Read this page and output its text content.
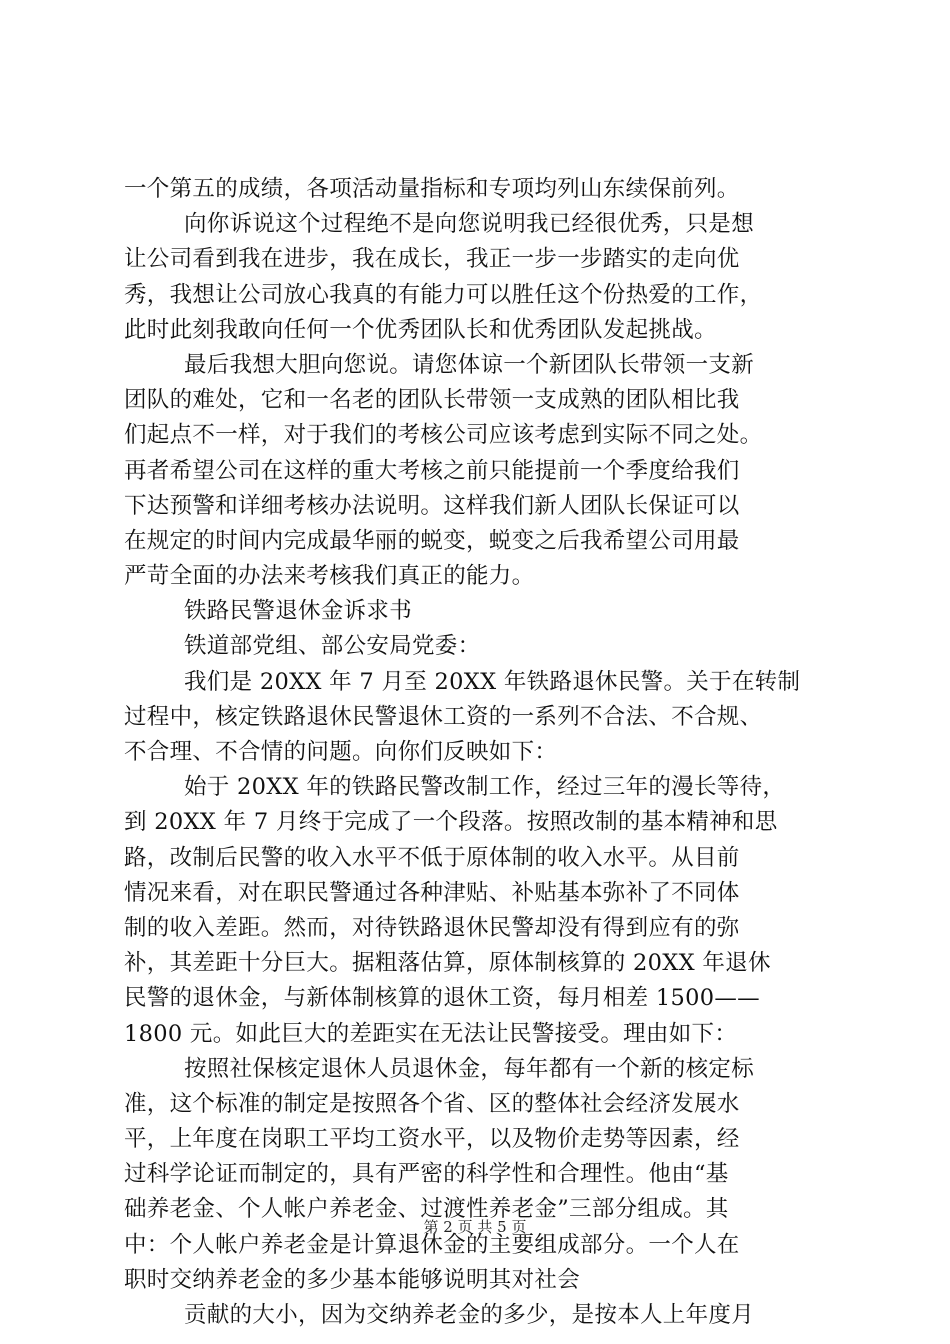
一个第五的成绩，各项活动量指标和专项均列山东续保前列。
向你诉说这个过程绝不是向您说明我已经很优秀，只是想
让公司看到我在进步，我在成长，我正一步一步踏实的走向优
秀，我想让公司放心我真的有能力可以胜任这个份热爱的工作，
此时此刻我敢向任何一个优秀团队长和优秀团队发起挑战。
最后我想大胆向您说。请您体谅一个新团队长带领一支新
团队的难处，它和一名老的团队长带领一支成熟的团队相比我
们起点不一样，对于我们的考核公司应该考虑到实际不同之处。
再者希望公司在这样的重大考核之前只能提前一个季度给我们
下达预警和详细考核办法说明。这样我们新人团队长保证可以
在规定的时间内完成最华丽的蜕变，蜕变之后我希望公司用最
严苛全面的办法来考核我们真正的能力。
铁路民警退休金诉求书
铁道部党组、部公安局党委：
我们是 20XX 年 7 月至 20XX 年铁路退休民警。关于在转制
过程中，核定铁路退休民警退休工资的一系列不合法、不合规、
不合理、不合情的问题。向你们反映如下：
始于 20XX 年的铁路民警改制工作，经过三年的漫长等待，
到 20XX 年 7 月终于完成了一个段落。按照改制的基本精神和思
路，改制后民警的收入水平不低于原体制的收入水平。从目前
情况来看，对在职民警通过各种津贴、补贴基本弥补了不同体
制的收入差距。然而，对待铁路退休民警却没有得到应有的弥
补，其差距十分巨大。据粗落估算，原体制核算的 20XX 年退休
民警的退休金，与新体制核算的退休工资，每月相差 1500——
1800 元。如此巨大的差距实在无法让民警接受。理由如下：
按照社保核定退休人员退休金，每年都有一个新的核定标
准，这个标准的制定是按照各个省、区的整体社会经济发展水
平，上年度在岗职工平均工资水平，以及物价走势等因素，经
过科学论证而制定的，具有严密的科学性和合理性。他由“基
础养老金、个人帐户养老金、过渡性养老金”三部分组成。其
中：个人帐户养老金是计算退休金的主要组成部分。一个人在
职时交纳养老金的多少基本能够说明其对社会
贡献的大小，因为交纳养老金的多少，是按本人上年度月
第 2 页 共 5 页
